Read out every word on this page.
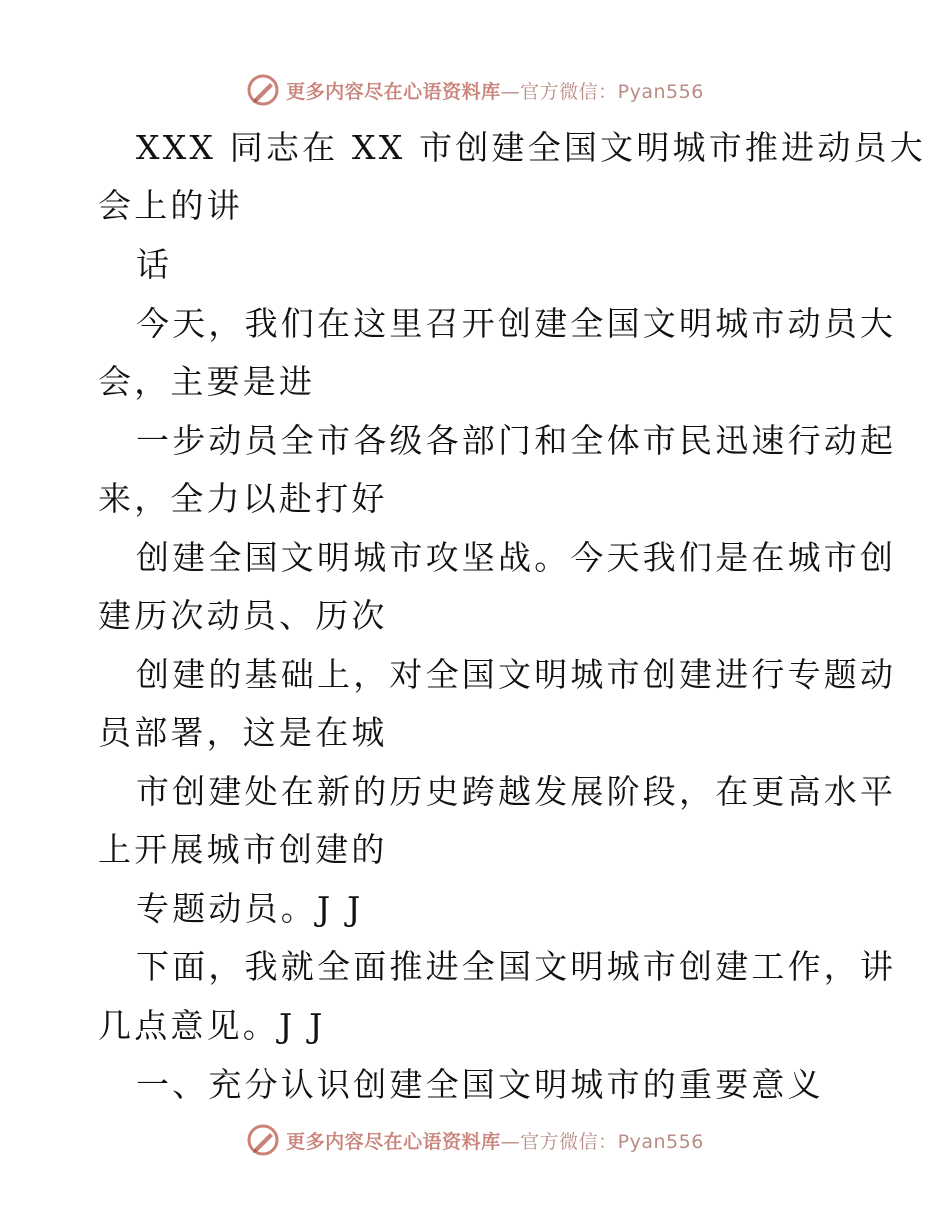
更多内容尽在心语资料库—官方微信：Pyan556
XXX 同志在 XX 市创建全国文明城市推进动员大
会上的讲
话
今天，我们在这里召开创建全国文明城市动员大
会，主要是进
一步动员全市各级各部门和全体市民迅速行动起
来，全力以赴打好
创建全国文明城市攻坚战。今天我们是在城市创
建历次动员、历次
创建的基础上，对全国文明城市创建进行专题动
员部署，这是在城
市创建处在新的历史跨越发展阶段，在更高水平
上开展城市创建的
专题动员。J J
下面，我就全面推进全国文明城市创建工作，讲
几点意见。J J
一、充分认识创建全国文明城市的重要意义
更多内容尽在心语资料库—官方微信：Pyan556
